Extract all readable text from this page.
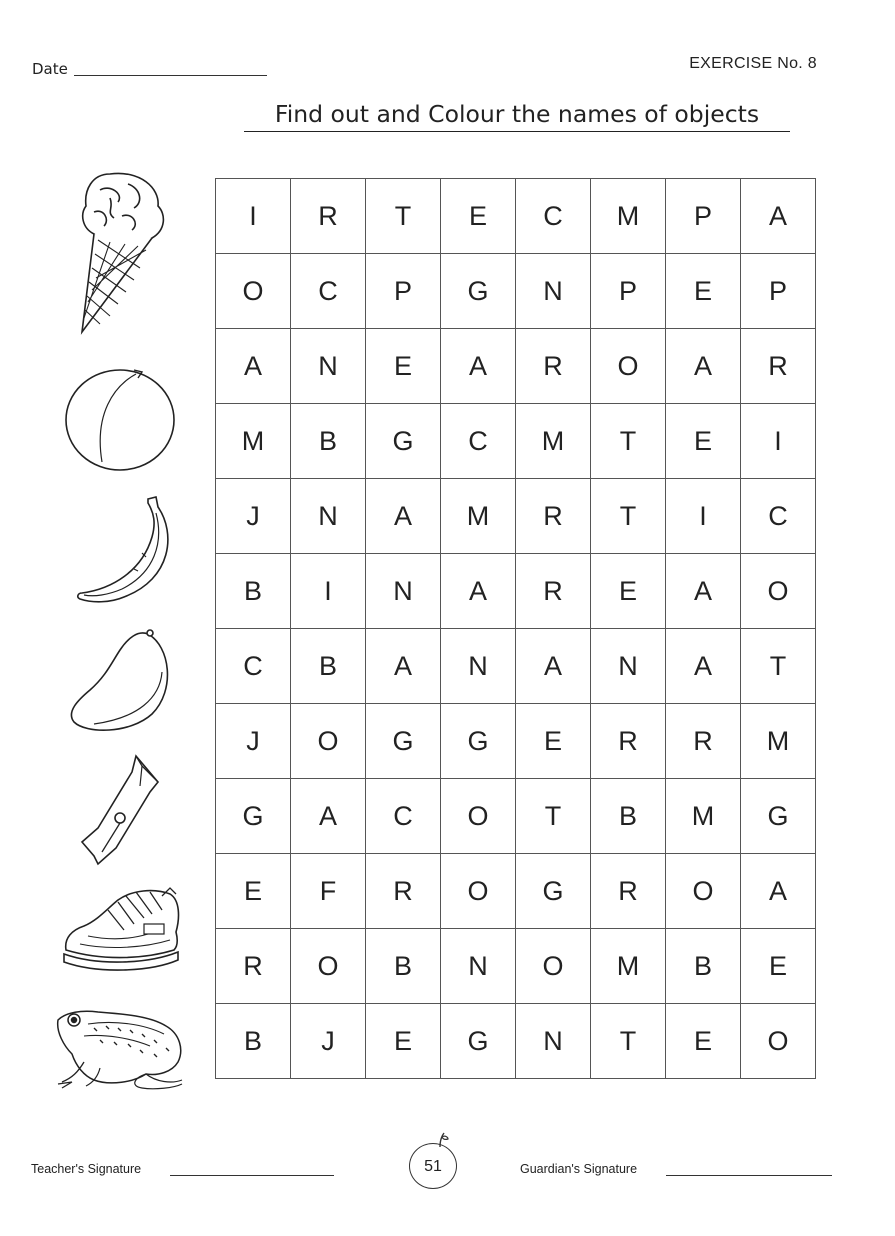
Date	EXERCISE No. 8
Find out and Colour the names of objects
I	R	T	E	C	M	P	A
O	C	P	G	N	P	E	P
A	N	E	A	R	O	A	R
M	B	G	C	M	T	E	I
J	N	A	M	R	T	I	C
B	I	N	A	R	E	A	O
C	B	A	N	A	N	A	T
J	O	G	G	E	R	R	M
G	A	C	O	T	B	M	G
E	F	R	O	G	R	O	A
R	O	B	N	O	M	B	E
B	J	E	G	N	T	E	O
Teacher's Signature	51	Guardian's Signature
